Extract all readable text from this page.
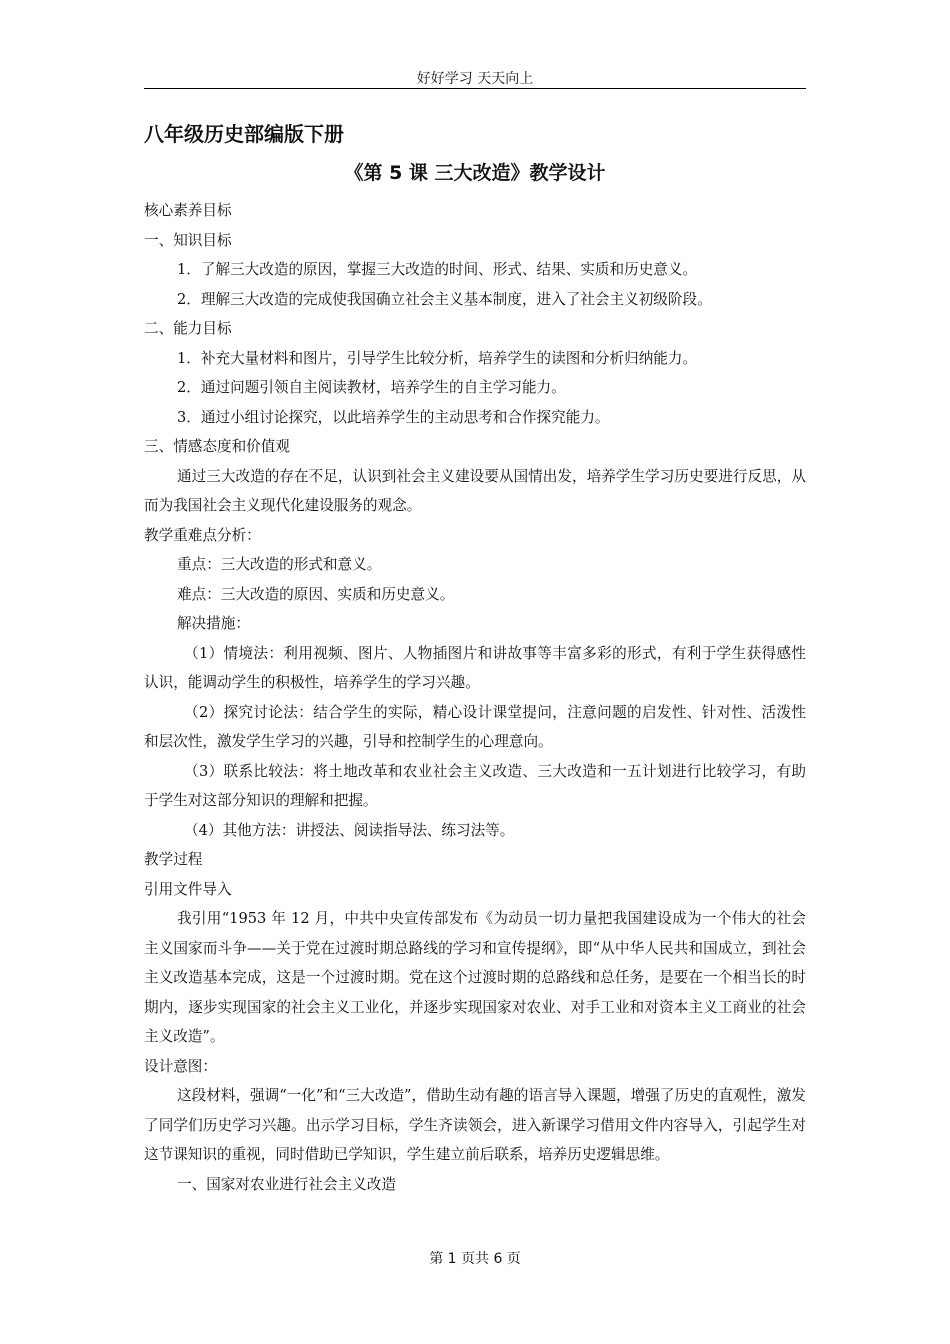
好好学习 天天向上
八年级历史部编版下册
《第 5 课 三大改造》教学设计

核心素养目标

一、知识目标

1．了解三大改造的原因，掌握三大改造的时间、形式、结果、实质和历史意义。

2．理解三大改造的完成使我国确立社会主义基本制度，进入了社会主义初级阶段。

二、能力目标

1．补充大量材料和图片，引导学生比较分析，培养学生的读图和分析归纳能力。

2．通过问题引领自主阅读教材，培养学生的自主学习能力。

3．通过小组讨论探究，以此培养学生的主动思考和合作探究能力。

三、情感态度和价值观

通过三大改造的存在不足，认识到社会主义建设要从国情出发，培养学生学习历史要进行反思，从而为我国社会主义现代化建设服务的观念。

教学重难点分析：

重点：三大改造的形式和意义。

难点：三大改造的原因、实质和历史意义。

解决措施：

（1）情境法：利用视频、图片、人物插图片和讲故事等丰富多彩的形式，有利于学生获得感性认识，能调动学生的积极性，培养学生的学习兴趣。

（2）探究讨论法：结合学生的实际，精心设计课堂提问，注意问题的启发性、针对性、活泼性和层次性，激发学生学习的兴趣，引导和控制学生的心理意向。

（3）联系比较法：将土地改革和农业社会主义改造、三大改造和一五计划进行比较学习，有助于学生对这部分知识的理解和把握。

（4）其他方法：讲授法、阅读指导法、练习法等。

教学过程

引用文件导入

我引用“1953 年 12 月，中共中央宣传部发布《为动员一切力量把我国建设成为一个伟大的社会主义国家而斗争——关于党在过渡时期总路线的学习和宣传提纲》，即“从中华人民共和国成立，到社会主义改造基本完成，这是一个过渡时期。党在这个过渡时期的总路线和总任务，是要在一个相当长的时期内，逐步实现国家的社会主义工业化，并逐步实现国家对农业、对手工业和对资本主义工商业的社会主义改造”。

设计意图：

这段材料，强调“一化”和“三大改造”，借助生动有趣的语言导入课题，增强了历史的直观性，激发了同学们历史学习兴趣。出示学习目标，学生齐读领会，进入新课学习借用文件内容导入，引起学生对这节课知识的重视，同时借助已学知识，学生建立前后联系，培养历史逻辑思维。

一、国家对农业进行社会主义改造

第 1 页共 6 页
